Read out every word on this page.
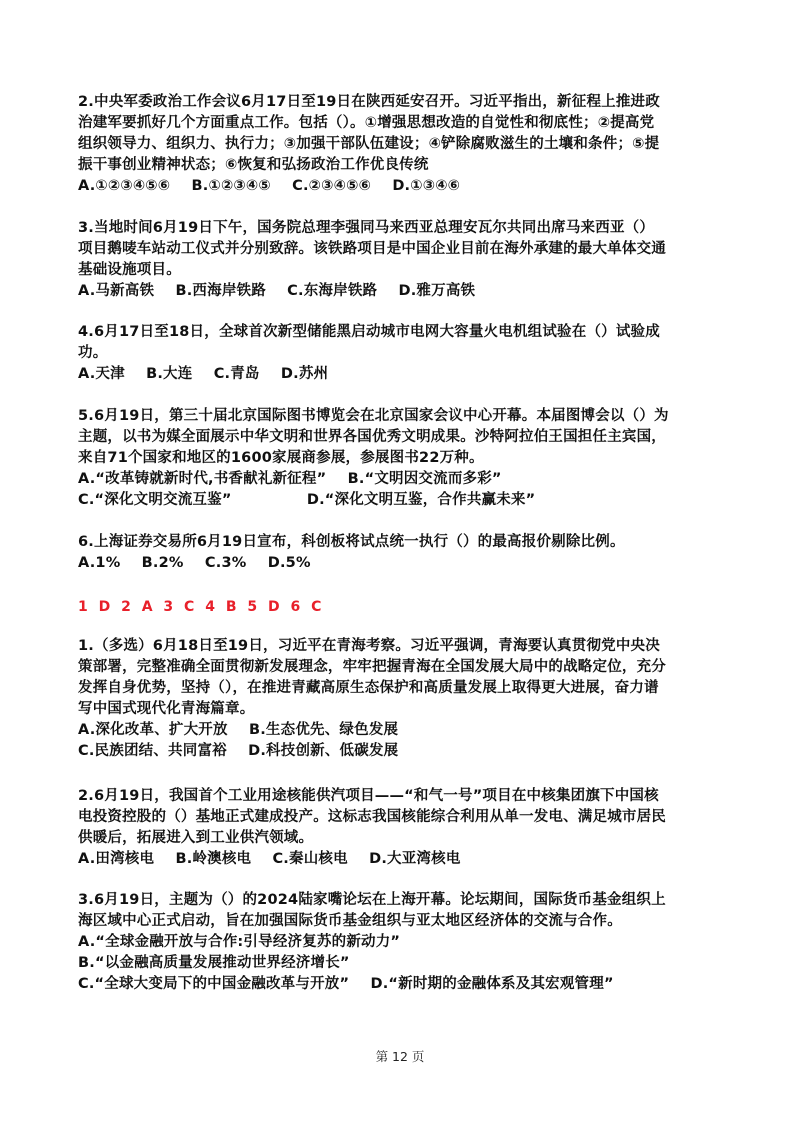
2.中央军委政治工作会议6月17日至19日在陕西延安召开。习近平指出，新征程上推进政
治建军要抓好几个方面重点工作。包括（）。①增强思想改造的自觉性和彻底性；②提高党
组织领导力、组织力、执行力；③加强干部队伍建设；④铲除腐败滋生的土壤和条件；⑤提
振干事创业精神状态；⑥恢复和弘扬政治工作优良传统
A.①②③④⑤⑥ B.①②③④⑤ C.②③④⑤⑥ D.①③④⑥
3.当地时间6月19日下午，国务院总理李强同马来西亚总理安瓦尔共同出席马来西亚（）
项目鹅唛车站动工仪式并分别致辞。该铁路项目是中国企业目前在海外承建的最大单体交通
基础设施项目。
A.马新高铁 B.西海岸铁路 C.东海岸铁路 D.雅万高铁
4.6月17日至18日，全球首次新型储能黑启动城市电网大容量火电机组试验在（）试验成
功。
A.天津 B.大连 C.青岛 D.苏州
5.6月19日，第三十届北京国际图书博览会在北京国家会议中心开幕。本届图博会以（）为
主题，以书为媒全面展示中华文明和世界各国优秀文明成果。沙特阿拉伯王国担任主宾国，
来自71个国家和地区的1600家展商参展，参展图书22万种。
A.“改革铸就新时代,书香献礼新征程” B.“文明因交流而多彩”
C.“深化文明交流互鉴”	D.“深化文明互鉴，合作共赢未来”
6.上海证券交易所6月19日宣布，科创板将试点统一执行（）的最高报价剔除比例。
A.1% B.2% C.3% D.5%
1 D 2 A 3 C 4 B 5 D 6 C
1.（多选）6月18日至19日，习近平在青海考察。习近平强调，青海要认真贯彻党中央决
策部署，完整准确全面贯彻新发展理念，牢牢把握青海在全国发展大局中的战略定位，充分
发挥自身优势，坚持（），在推进青藏高原生态保护和高质量发展上取得更大进展，奋力谱
写中国式现代化青海篇章。
A.深化改革、扩大开放 B.生态优先、绿色发展
C.民族团结、共同富裕 D.科技创新、低碳发展
2.6月19日，我国首个工业用途核能供汽项目——“和气一号”项目在中核集团旗下中国核
电投资控股的（）基地正式建成投产。这标志我国核能综合利用从单一发电、满足城市居民
供暖后，拓展进入到工业供汽领域。
A.田湾核电 B.岭澳核电 C.秦山核电 D.大亚湾核电
3.6月19日，主题为（）的2024陆家嘴论坛在上海开幕。论坛期间，国际货币基金组织上
海区域中心正式启动，旨在加强国际货币基金组织与亚太地区经济体的交流与合作。
A.“全球金融开放与合作:引导经济复苏的新动力”
B.“以金融高质量发展推动世界经济增长”
C.“全球大变局下的中国金融改革与开放” D.“新时期的金融体系及其宏观管理”
第 12 页
